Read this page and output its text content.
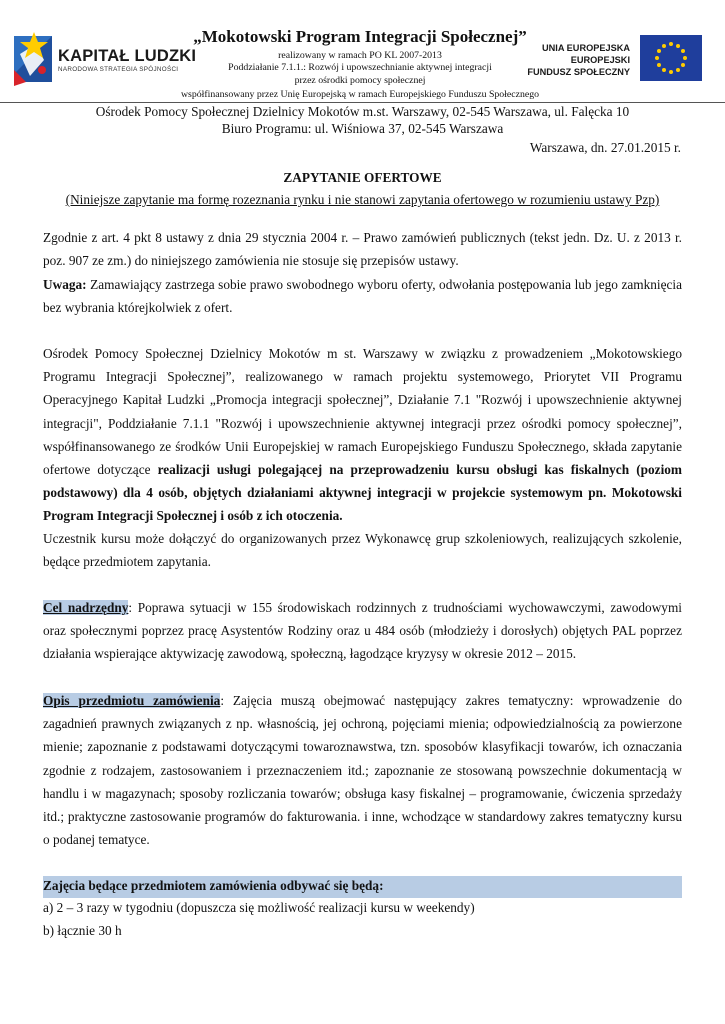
KAPITAŁ LUDZKI
NARODOWA STRATEGIA SPÓJNOŚCI
„Mokotowski Program Integracji Społecznej”
realizowany w ramach PO KL 2007-2013
Poddziałanie 7.1.1.: Rozwój i upowszechnianie aktywnej integracji
przez ośrodki pomocy społecznej
współfinansowany przez Unię Europejską w ramach Europejskiego Funduszu Społecznego
UNIA EUROPEJSKA
EUROPEJSKI
FUNDUSZ SPOŁECZNY
Ośrodek Pomocy Społecznej Dzielnicy Mokotów m.st. Warszawy, 02-545 Warszawa, ul. Falęcka 10
Biuro Programu: ul. Wiśniowa 37, 02-545 Warszawa
Warszawa, dn. 27.01.2015 r.
ZAPYTANIE OFERTOWE
(Niniejsze zapytanie ma formę rozeznania rynku i nie stanowi zapytania ofertowego w rozumieniu ustawy Pzp)
Zgodnie z art. 4 pkt 8 ustawy z dnia 29 stycznia 2004 r. – Prawo zamówień publicznych (tekst jedn. Dz. U. z 2013 r. poz. 907 ze zm.) do niniejszego zamówienia nie stosuje się przepisów ustawy.
Uwaga: Zamawiający zastrzega sobie prawo swobodnego wyboru oferty, odwołania postępowania lub jego zamknięcia bez wybrania którejkolwiek z ofert.
Ośrodek Pomocy Społecznej Dzielnicy Mokotów m st. Warszawy w związku z prowadzeniem „Mokotowskiego Programu Integracji Społecznej”, realizowanego w ramach projektu systemowego, Priorytet VII Programu Operacyjnego Kapitał Ludzki „Promocja integracji społecznej”, Działanie 7.1 "Rozwój i upowszechnienie aktywnej integracji", Poddziałanie 7.1.1 "Rozwój i upowszechnienie aktywnej integracji przez ośrodki pomocy społecznej”, współfinansowanego ze środków Unii Europejskiej w ramach Europejskiego Funduszu Społecznego, składa zapytanie ofertowe dotyczące realizacji usługi polegającej na przeprowadzeniu kursu obsługi kas fiskalnych (poziom podstawowy) dla 4 osób, objętych działaniami aktywnej integracji w projekcie systemowym pn. Mokotowski Program Integracji Społecznej i osób z ich otoczenia.
Uczestnik kursu może dołączyć do organizowanych przez Wykonawcę grup szkoleniowych, realizujących szkolenie, będące przedmiotem zapytania.
Cel nadrzędny: Poprawa sytuacji w 155 środowiskach rodzinnych z trudnościami wychowawczymi, zawodowymi oraz społecznymi poprzez pracę Asystentów Rodziny oraz u 484 osób (młodzieży i dorosłych) objętych PAL poprzez działania wspierające aktywizację zawodową, społeczną, łagodzące kryzysy w okresie 2012 – 2015.
Opis przedmiotu zamówienia: Zajęcia muszą obejmować następujący zakres tematyczny: wprowadzenie do zagadnień prawnych związanych z np. własnością, jej ochroną, pojęciami mienia; odpowiedzialnością za powierzone mienie; zapoznanie z podstawami dotyczącymi towaroznawstwa, tzn. sposobów klasyfikacji towarów, ich oznaczania zgodnie z rodzajem, zastosowaniem i przeznaczeniem itd.; zapoznanie ze stosowaną powszechnie dokumentacją w handlu i w magazynach; sposoby rozliczania towarów; obsługa kasy fiskalnej – programowanie, ćwiczenia sprzedaży itd.; praktyczne zastosowanie programów do fakturowania. i inne, wchodzące w standardowy zakres tematyczny kursu o podanej tematyce.
Zajęcia będące przedmiotem zamówienia odbywać się będą:
a) 2 – 3 razy w tygodniu (dopuszcza się możliwość realizacji kursu w weekendy)
b) łącznie 30 h
